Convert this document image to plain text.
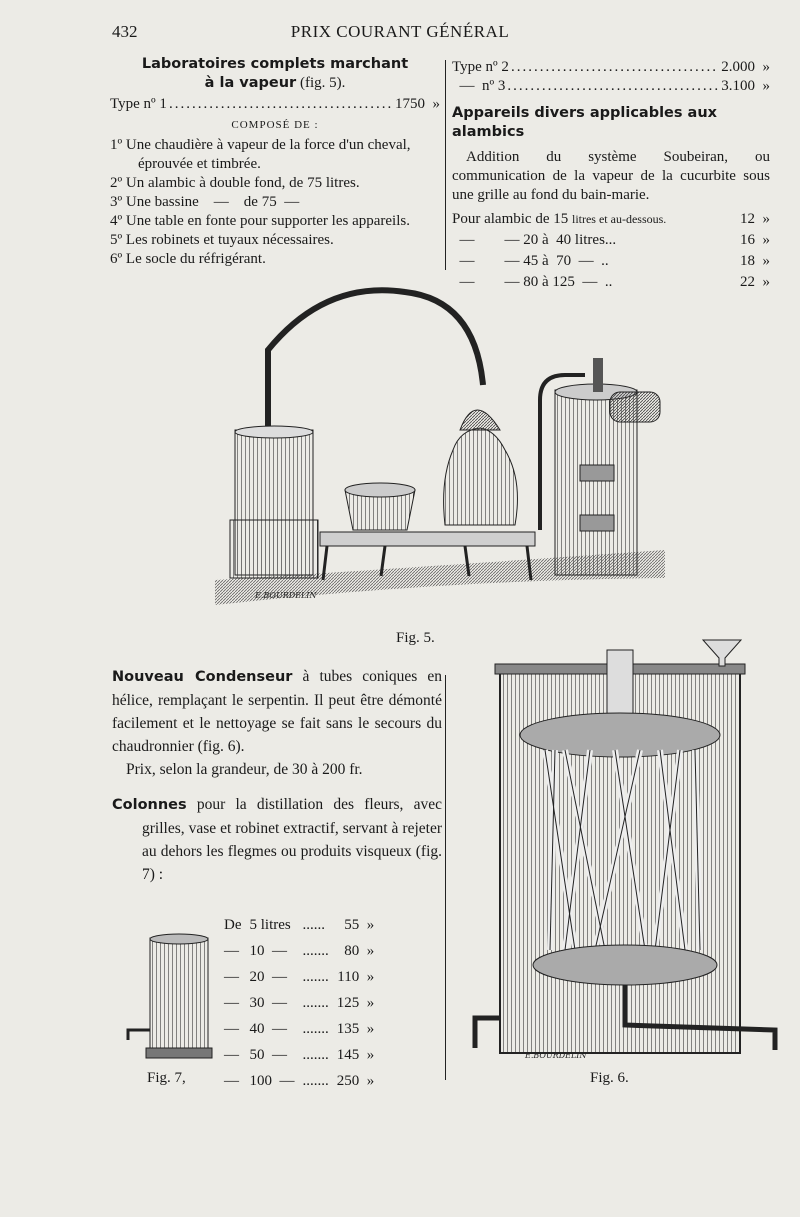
432	PRIX COURANT GÉNÉRAL
Laboratoires complets marchant
à la vapeur (fig. 5).
Type nº 1 .....	1750  »
COMPOSÉ DE :
1º Une chaudière à vapeur de la force d'un cheval, éprouvée et timbrée.
2º Un alambic à double fond, de 75 litres.
3º Une bassine    —    de 75  —
4º Une table en fonte pour supporter les appareils.
5º Les robinets et tuyaux nécessaires.
6º Le socle du réfrigérant.
Type nº 2 .....	2.000  »
—  nº 3 .....	3.100  »
Appareils divers applicables aux alambics
Addition du système Soubeiran, ou communication de la vapeur de la cucurbite sous une grille au fond du bain-marie.
Pour alambic de 15
litres et au-dessous.	12  »
—        — 20 à  40 litres...	16  »
—        — 45 à  70  —  ..	18  »
—        — 80 à 125  —  ..	22  »
E.BOURDELIN
Fig. 5.
Nouveau Condenseur à tubes coniques en hélice, remplaçant le serpentin. Il peut être démonté facilement et le nettoyage se fait sans le secours du chaudronnier (fig. 6).
Prix, selon la grandeur, de 30 à 200 fr.
Colonnes pour la distillation des fleurs, avec grilles, vase et robinet extractif, servant à rejeter au dehors les flegmes ou produits visqueux (fig. 7) :
De	5 litres	......	55  »
—	10  —	.......	80  »
—	20  —	.......	110  »
—	30  —	.......	125  »
—	40  —	.......	135  »
—	50  —	.......	145  »
—	100  —	.......	250  »
Fig. 7,
E.BOURDELIN
Fig. 6.
